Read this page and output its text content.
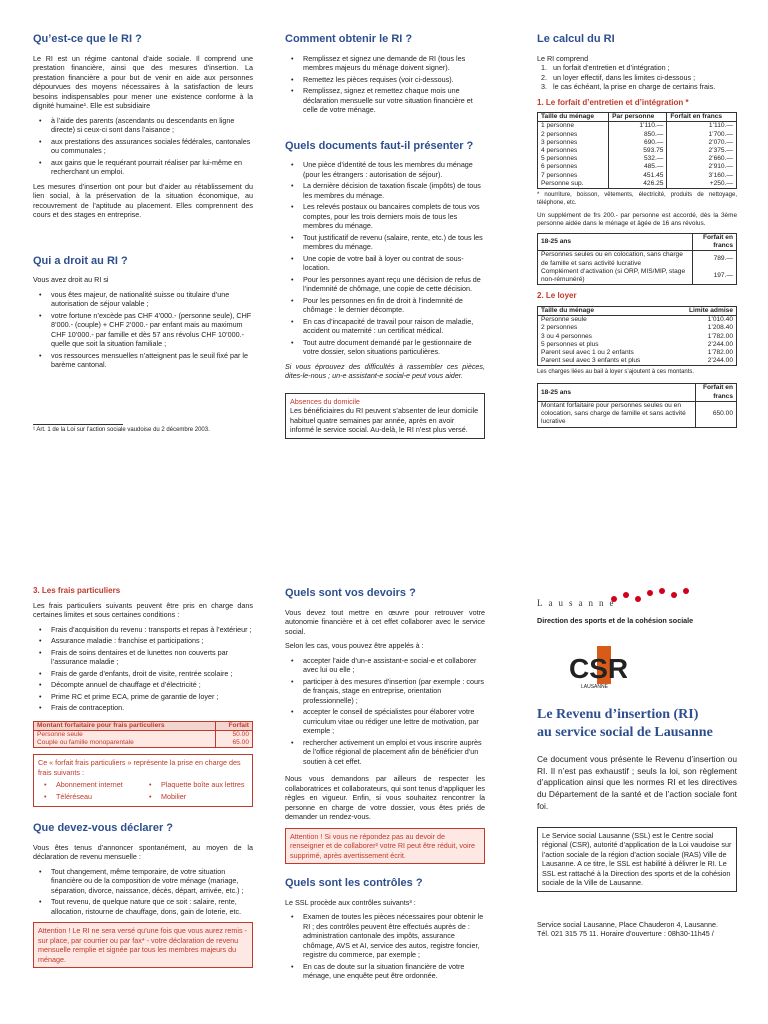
Qu’est-ce que le RI ?

Le RI est un régime cantonal d’aide sociale. Il comprend une prestation financière, ainsi que des mesures d’insertion. La prestation financière a pour but de venir en aide aux personnes dépourvues des moyens nécessaires à la satisfaction de leurs besoins indispensables pour mener une existence conforme à la dignité humaine¹. Elle est subsidiaire

• à l’aide des parents (ascendants ou descendants en ligne directe) si ceux-ci sont dans l’aisance ;
• aux prestations des assurances sociales fédérales, cantonales ou communales ;
• aux gains que le requérant pourrait réaliser par lui-même en recherchant un emploi.

Les mesures d’insertion ont pour but d’aider au rétablissement du lien social, à la préservation de la situation économique, au recouvrement de l’aptitude au placement. Elles comprennent des cours et des stages en entreprise.

Qui a droit au RI ?

Vous avez droit au RI si

• vous êtes majeur, de nationalité suisse ou titulaire d’une autorisation de séjour valable ;
• votre fortune n’excède pas CHF 4’000.- (personne seule), CHF 8’000.- (couple) + CHF 2’000.- par enfant mais au maximum CHF 10’000.- par famille et dès 57 ans révolus CHF 10’000.- quelle que soit la situation familiale ;
• vos ressources mensuelles n’atteignent pas le seuil fixé par le barème cantonal.
¹ Art. 1 de la Loi sur l’action sociale vaudoise du 2 décembre 2003.
Comment obtenir le RI ?
• Remplissez et signez une demande de RI (tous les membres majeurs du ménage doivent signer).
• Remettez les pièces requises (voir ci-dessous).
• Remplissez, signez et remettez chaque mois une déclaration mensuelle sur votre situation financière et celle de votre ménage.
Quels documents faut-il présenter ?
• Une pièce d’identité de tous les membres du ménage (pour les étrangers : autorisation de séjour).
• La dernière décision de taxation fiscale (impôts) de tous les membres du ménage.
• Les relevés postaux ou bancaires complets de tous vos comptes, pour les trois derniers mois de tous les membres du ménage.
• Tout justificatif de revenu (salaire, rente, etc.) de tous les membres du ménage.
• Une copie de votre bail à loyer ou contrat de sous-location.
• Pour les personnes ayant reçu une décision de refus de l’indemnité de chômage, une copie de cette décision.
• Pour les personnes en fin de droit à l’indemnité de chômage : le dernier décompte.
• En cas d’incapacité de travail pour raison de maladie, accident ou maternité : un certificat médical.
• Tout autre document demandé par le gestionnaire de votre dossier, selon situations particulières.

Si vous éprouvez des difficultés à rassembler ces pièces, dites-le-nous ; un-e assistant-e social-e peut vous aider.

Absences du domicile
Les bénéficiaires du RI peuvent s’absenter de leur domicile habituel quatre semaines par année, après en avoir informé le service social. Au-delà, le RI n’est plus versé.
Le calcul du RI
Le RI comprend
1. un forfait d’entretien et d’intégration ;
2. un loyer effectif, dans les limites ci-dessous ;
3. le cas échéant, la prise en charge de certains frais.
1. Le forfait d’entretien et d’intégration *
Taille du ménage	Par personne	Forfait en francs
1 personne	1’110.—	1’110.—
2 personnes	850.—	1’700.—
3 personnes	690.—	2’070.—
4 personnes	593.75	2’375.—
5 personnes	532.—	2’660.—
6 personnes	485.—	2’910.—
7 personnes	451.45	3’160.—
Personne sup.	426.25	+250.—

* nourriture, boisson, vêtements, électricité, produits de nettoyage, téléphone, etc.

Un supplément de frs 200.- par personne est accordé, dès la 3ème personne aidée dans le ménage et âgée de 16 ans révolus.

18-25 ans	Forfait en francs
Personnes seules ou en colocation, sans charge de famille et sans activité lucrative	789.—
Complément d’activation (si ORP, MIS/MIP, stage non-rémunéré)	197.—
2. Le loyer
Taille du ménage	Limite admise
Personne seule	1’010.40
2 personnes	1’208.40
3 ou 4 personnes	1’782.00
5 personnes et plus	2’244.00
Parent seul avec 1 ou 2 enfants	1’782.00
Parent seul avec 3 enfants et plus	2’244.00

Les charges liées au bail à loyer s’ajoutent à ces montants.

18-25 ans	Forfait en francs
Montant forfaitaire pour personnes seules ou en colocation, sans charge de famille et sans activité lucrative	650.00
3. Les frais particuliers

Les frais particuliers suivants peuvent être pris en charge dans certaines limites et sous certaines conditions :

• Frais d’acquisition du revenu : transports et repas à l’extérieur ;
• Assurance maladie : franchise et participations ;
• Frais de soins dentaires et de lunettes non couverts par l’assurance maladie ;
• Frais de garde d’enfants, droit de visite, rentrée scolaire ;
• Décompte annuel de chauffage et d’électricité ;
• Prime RC et prime ECA, prime de garantie de loyer ;
• Frais de contraception.
Montant forfaitaire pour frais particuliers	Forfait
Personne seule	50.00
Couple ou famille monoparentale	65.00
Ce « forfait frais particuliers » représente la prise en charge des frais suivants :
• Abonnement internet	• Plaquette boîte aux lettres
• Téléréseau	• Mobilier
Que devez-vous déclarer ?

Vous êtes tenus d’annoncer spontanément, au moyen de la déclaration de revenu mensuelle :

• Tout changement, même temporaire, de votre situation financière ou de la composition de votre ménage (mariage, séparation, divorce, naissance, décès, départ, arrivée, etc.) ;
• Tout revenu, de quelque nature que ce soit : salaire, rente, allocation, ristourne de chauffage, dons, gain de loterie, etc.
Attention ! Le RI ne sera versé qu’une fois que vous aurez remis - sur place, par courrier ou par fax* - votre déclaration de revenu mensuelle remplie et signée par tous les membres majeurs du ménage.
Quels sont vos devoirs ?

Vous devez tout mettre en œuvre pour retrouver votre autonomie financière et à cet effet collaborer avec le service social.

Selon les cas, vous pouvez être appelés à :

• accepter l’aide d’un-e assistant-e social-e et collaborer avec lui ou elle ;
• participer à des mesures d’insertion (par exemple : cours de français, stage en entreprise, orientation professionnelle) ;
• accepter le conseil de spécialistes pour élaborer votre curriculum vitae ou rédiger une lettre de motivation, par exemple ;
• rechercher activement un emploi et vous inscrire auprès de l’office régional de placement afin de bénéficier d’un soutien à cet effet.

Nous vous demandons par ailleurs de respecter les collaboratrices et collaborateurs, qui sont tenus d’appliquer les règles en vigueur. Enfin, si vous souhaitez rencontrer la personne en charge de votre dossier, vous êtes priés de demander un rendez-vous.

Attention ! Si vous ne répondez pas au devoir de renseigner et de collaborer² votre RI peut être réduit, voire supprimé, après avertissement écrit.
Quels sont les contrôles ?

Le SSL procède aux contrôles suivants³ :

• Examen de toutes les pièces nécessaires pour obtenir le RI ; des contrôles peuvent être effectués auprès de : administration cantonale des impôts, assurance chômage, AVS et AI, service des autos, registre foncier, registre du commerce, par exemple ;
• En cas de doute sur la situation financière de votre ménage, une enquête peut être ordonnée.
Lausanne
Direction des sports et de la cohésion sociale
CSR
LAUSANNE
Le Revenu d’insertion (RI)
au service social de Lausanne

Ce document vous présente le Revenu d’insertion ou RI. Il n’est pas exhaustif ; seuls la loi, son règlement d’application ainsi que les normes RI et les directives du Département de la santé et de l’action sociale font foi.

Le Service social Lausanne (SSL) est le Centre social régional (CSR), autorité d’application de la Loi vaudoise sur l’action sociale de la région d’action sociale (RAS) Ville de Lausanne. A ce titre, le SSL est habilité à délivrer le RI. Le SSL est rattaché à la Direction des sports et de la cohésion sociale de la Ville de Lausanne.
Service social Lausanne, Place Chauderon 4, Lausanne.
Tél. 021 315 75 11. Horaire d’ouverture : 08h30-11h45 /
